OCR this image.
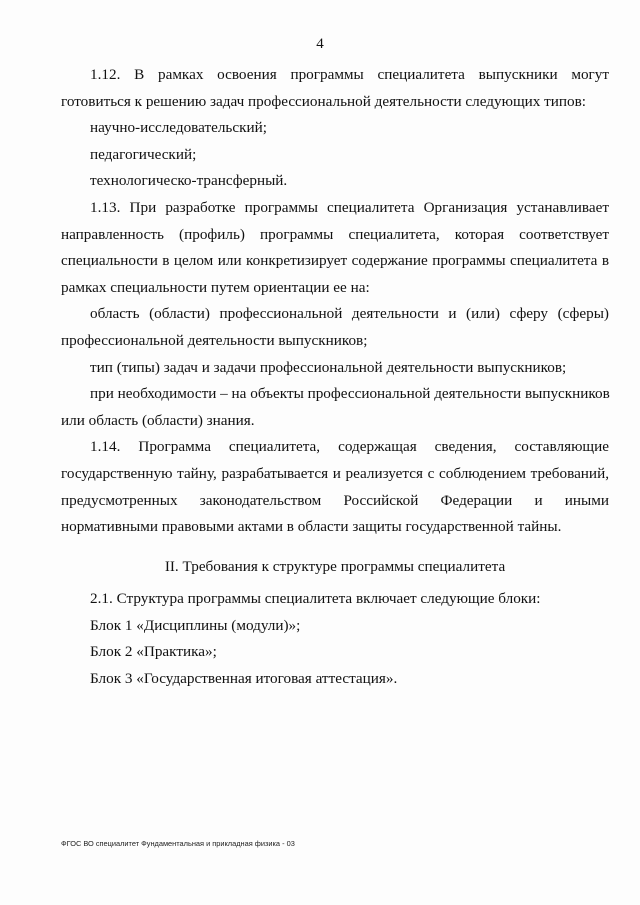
4
1.12. В рамках освоения программы специалитета выпускники могут
готовиться к решению задач профессиональной деятельности следующих типов:
научно-исследовательский;
педагогический;
технологическо-трансферный.
1.13. При разработке программы специалитета Организация устанавливает
направленность (профиль) программы специалитета, которая соответствует
специальности в целом или конкретизирует содержание программы специалитета в
рамках специальности путем ориентации ее на:
область (области) профессиональной деятельности и (или) сферу (сферы)
профессиональной деятельности выпускников;
тип (типы) задач и задачи профессиональной деятельности выпускников;
при необходимости – на объекты профессиональной деятельности выпускников
или область (области) знания.
1.14. Программа специалитета, содержащая сведения, составляющие
государственную тайну, разрабатывается и реализуется с соблюдением требований,
предусмотренных законодательством Российской Федерации и иными
нормативными правовыми актами в области защиты государственной тайны.
II. Требования к структуре программы специалитета
2.1. Структура программы специалитета включает следующие блоки:
Блок 1 «Дисциплины (модули)»;
Блок 2 «Практика»;
Блок 3 «Государственная итоговая аттестация».
ФГОС ВО специалитет Фундаментальная и прикладная физика - 03
